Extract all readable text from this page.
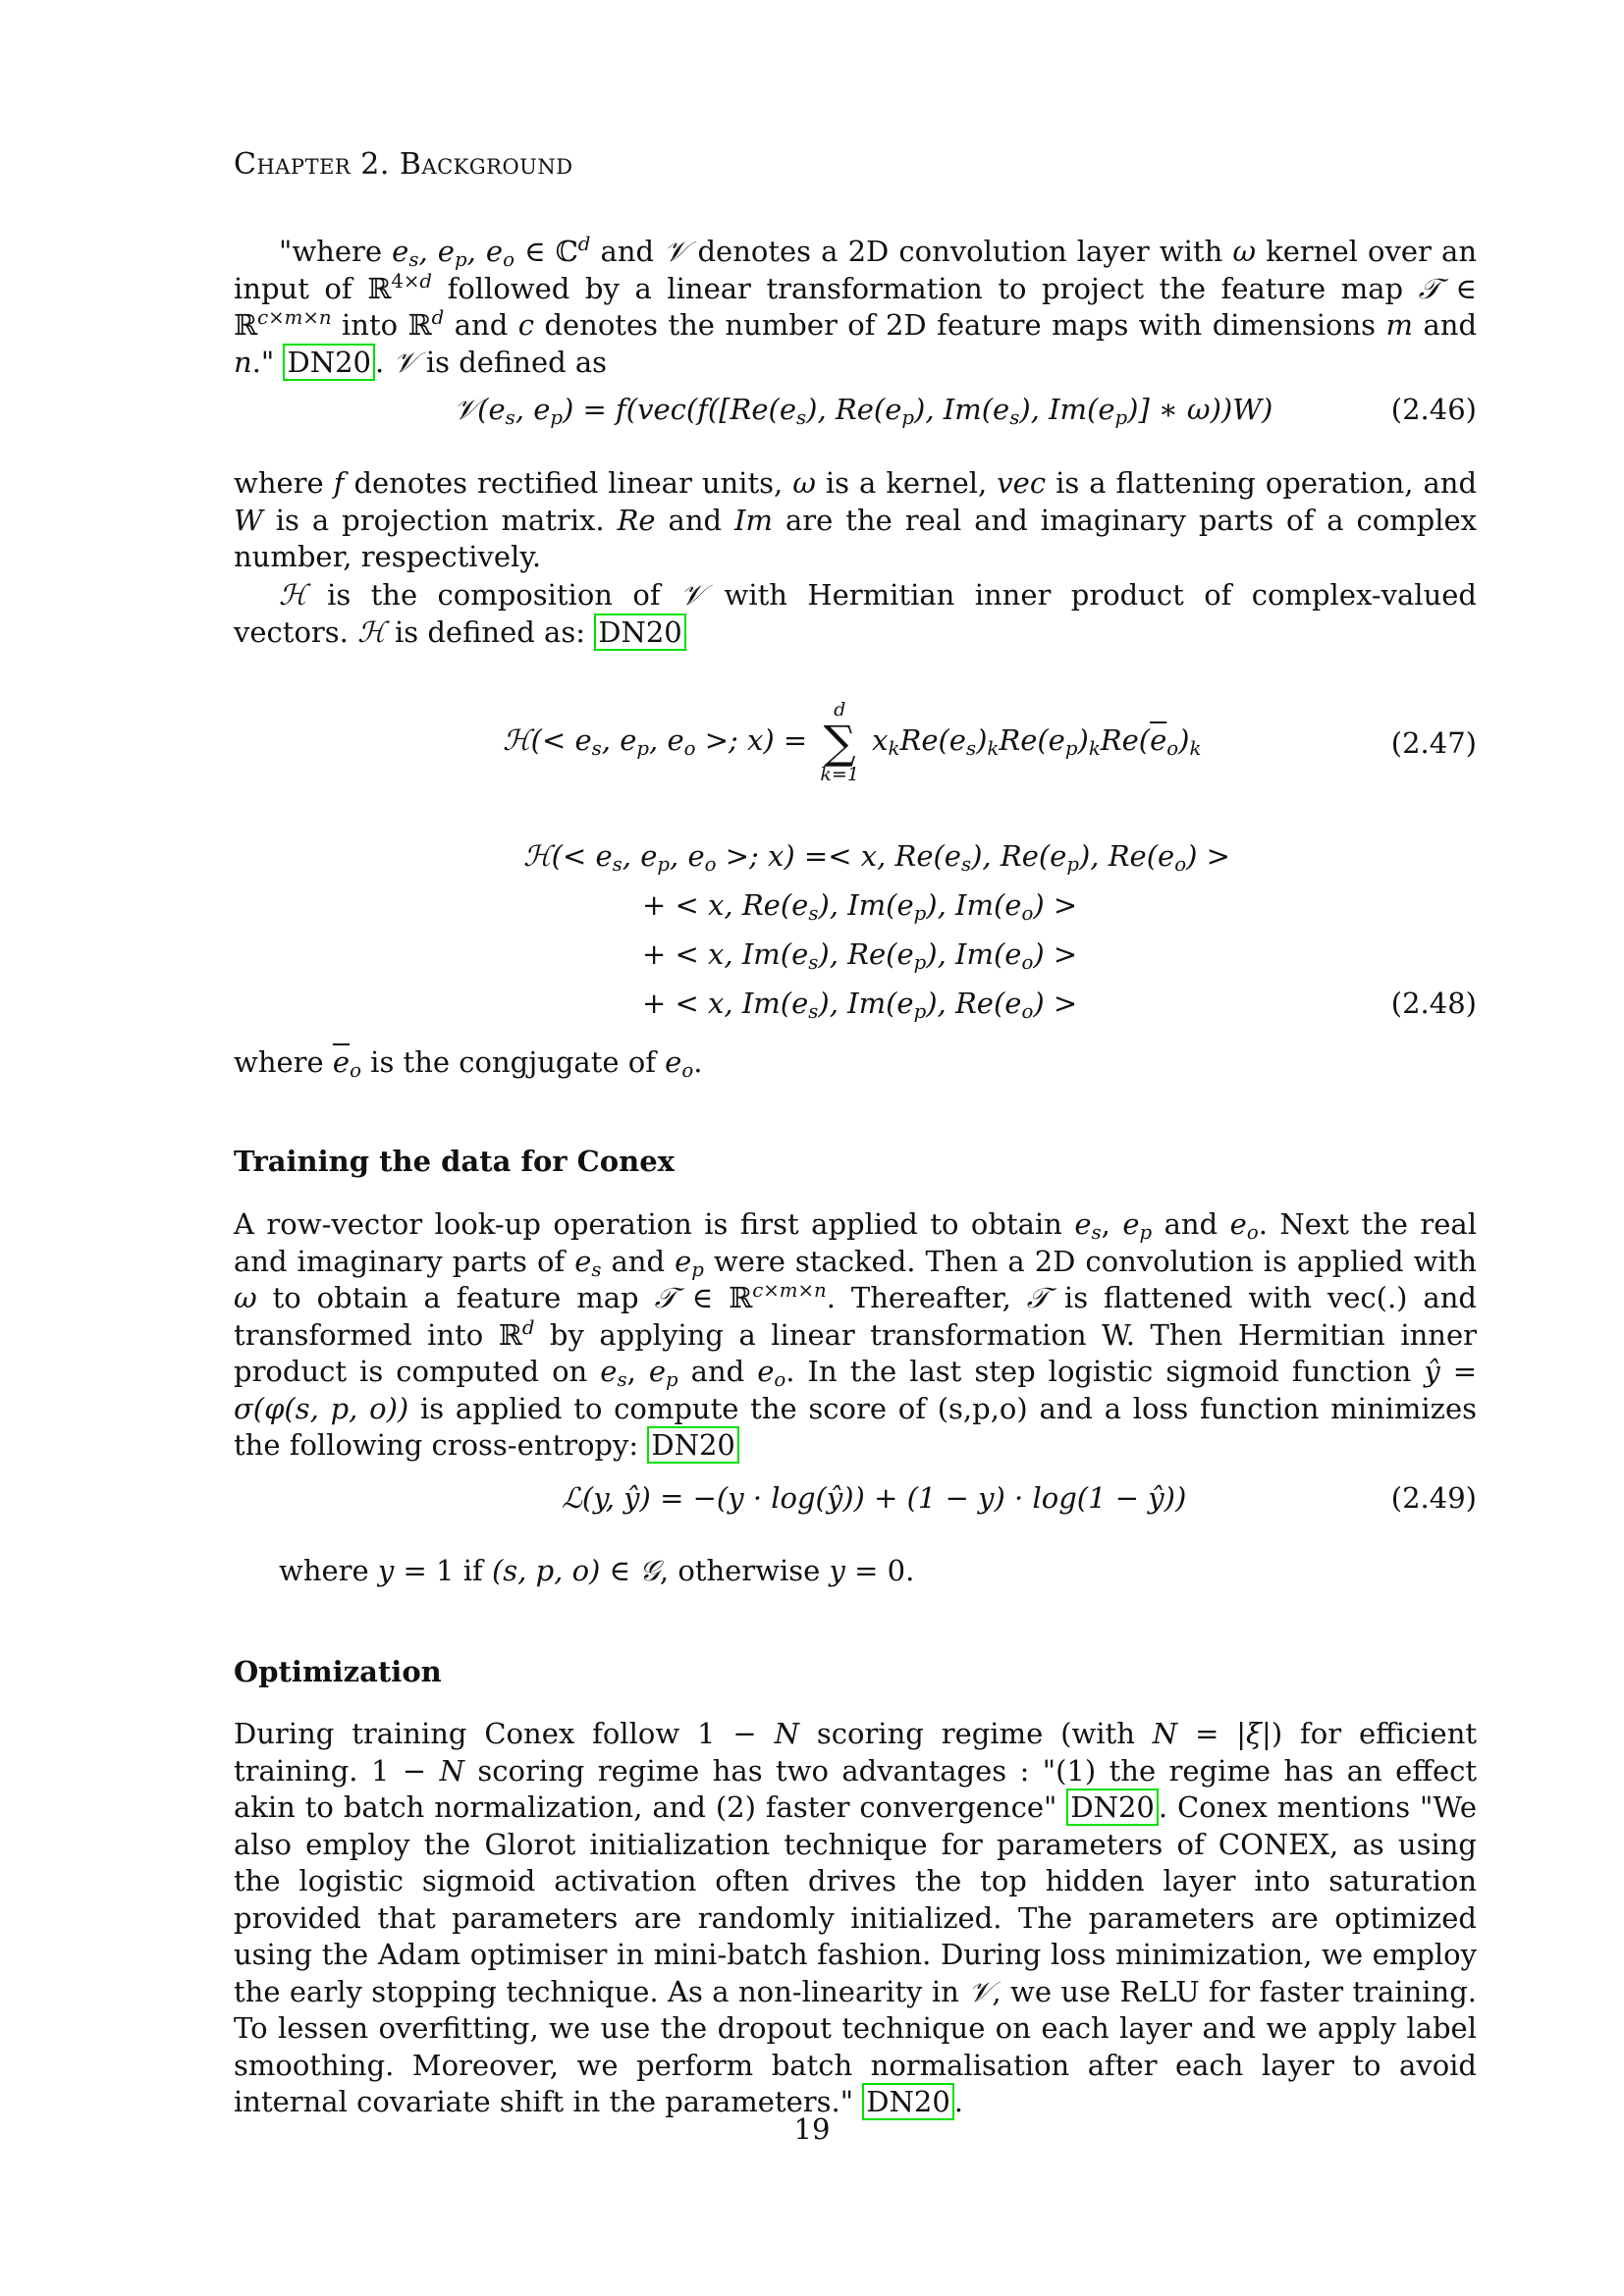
Chapter 2. Background
"where $e_s$, $e_p$, $e_o$ ∈ ℂ$^d$ and 𝒱 denotes a 2D convolution layer with ω kernel over an input of ℝ$^{4\times d}$ followed by a linear transformation to project the feature map 𝒯 ∈ ℝ$^{c\times m\times n}$ into ℝ$^d$ and c denotes the number of 2D feature maps with dimensions m and n." DN20 . 𝒱 is defined as
$𝒱(e_s$, $e_p) = f(vec(f([Re(e_s)$, $Re(e_p)$, $Im(e_s)$, $Im(e_p)$] ∗ ω))W)	(2.46)
where f denotes rectified linear units, ω is a kernel, vec is a flattening operation, and W is a projection matrix. Re and Im are the real and imaginary parts of a complex number, respectively.
ℋ is the composition of 𝒱 with Hermitian inner product of complex-valued vectors. ℋ is defined as: DN20
ℋ(< $e_s$, $e_p$, $e_o$ >; x) =
d
∑
k=1
$x_kRe(e_s)_kRe(e_p)_kRe(\overline{e}_o)_k$	(2.47)
ℋ(< $e_s$, $e_p$, $e_o$ >; x) =< x, $Re(e_s)$, $Re(e_p)$, $Re(e_o)$ >
+ < x, $Re(e_s)$, $Im(e_p)$, $Im(e_o)$ >
+ < x, $Im(e_s)$, $Re(e_p)$, $Im(e_o)$ >
+ < x, $Im(e_s)$, $Im(e_p)$, $Re(e_o)$ >	(2.48)
where $\overline{e}_o$ is the congjugate of $e_o$.
Training the data for Conex
A row-vector look-up operation is first applied to obtain $e_s$, $e_p$ and $e_o$. Next the real and imaginary parts of $e_s$ and $e_p$ were stacked. Then a 2D convolution is applied with ω to obtain a feature map 𝒯 ∈ ℝ$^{c\times m\times n}$. Thereafter, 𝒯 is flattened with vec(.) and transformed into ℝ$^d$ by applying a linear transformation W. Then Hermitian inner product is computed on $e_s$, $e_p$ and $e_o$. In the last step logistic sigmoid function ŷ = σ(φ(s, p, o)) is applied to compute the score of (s,p,o) and a loss function minimizes the following cross-entropy: DN20
ℒ(y, ŷ) = −(y · log(ŷ)) + (1 − y) · log(1 − ŷ))	(2.49)
where y = 1 if (s, p, o) ∈ 𝒢, otherwise y = 0.
Optimization
During training Conex follow 1 − N scoring regime (with N = |ξ|) for efficient training. 1 − N scoring regime has two advantages : "(1) the regime has an effect akin to batch normalization, and (2) faster convergence" DN20 . Conex mentions "We also employ the Glorot initialization technique for parameters of CONEX, as using the logistic sigmoid activation often drives the top hidden layer into saturation provided that parameters are randomly initialized. The parameters are optimized using the Adam optimiser in mini-batch fashion. During loss minimization, we employ the early stopping technique. As a non-linearity in 𝒱, we use ReLU for faster training. To lessen overfitting, we use the dropout technique on each layer and we apply label smoothing. Moreover, we perform batch normalisation after each layer to avoid internal covariate shift in the parameters." DN20 .
19
